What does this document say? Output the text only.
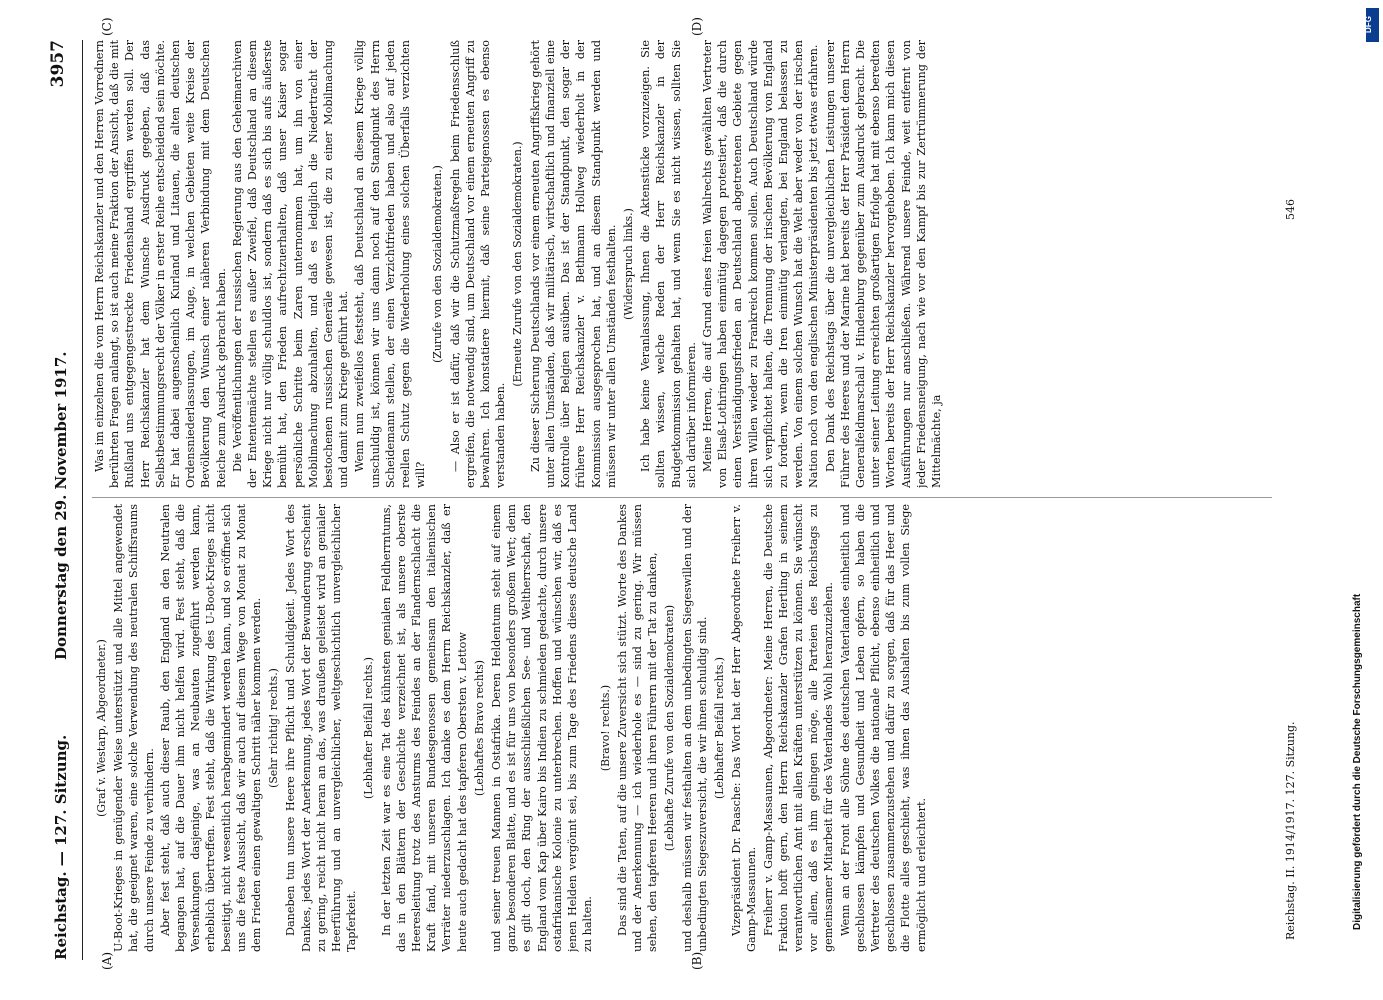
Reichstag. — 127. Sitzung.
Donnerstag den 29. November 1917.
3957
(A)	(B)
(C)	(D)

(Graf v. Westarp, Abgeordneter.) U-Boot-Krieges in genügender Weise unterstützt und alle Mittel angewendet hat, die geeignet waren, eine solche Verwendung des neutralen Schiffsraums durch unsere Feinde zu verhindern. Aber fest steht, daß auch dieser Raub, den England an den Neutralen begangen hat, auf die Dauer ihm nicht helfen wird. Fest steht, daß die Versenkungen dasjenige, was an Neubauten zugeführt werden kann, erheblich übertreffen. Fest steht, daß die Wirkung des U-Boot-Krieges nicht beseitigt, nicht wesentlich herabgemindert werden kann, und so eröffnet sich uns die feste Aussicht, daß wir auch auf diesem Wege von Monat zu Monat dem Frieden einen gewaltigen Schritt näher kommen werden. (Sehr richtig! rechts.) Daneben tun unsere Heere ihre Pflicht und Schuldigkeit. Jedes Wort des Dankes, jedes Wort der Anerkennung, jedes Wort der Bewunderung erscheint zu gering, reicht nicht heran an das, was draußen geleistet wird an genialer Heerführung und an unvergleichlicher, weltgeschichtlich unvergleichlicher Tapferkeit.

(Lebhafter Beifall rechts.) In der letzten Zeit war es eine Tat des kühnsten genialen Feldherrntums, das in den Blättern der Geschichte verzeichnet ist, als unsere oberste Heeresleitung trotz des Ansturms des Feindes an der Flandernschlacht die Kraft fand, mit unseren Bundesgenossen gemeinsam den italienischen Verräter niederzuschlagen. Ich danke es dem Herrn Reichskanzler, daß er heute auch gedacht hat des tapferen Obersten v. Lettow (Lebhaftes Bravo rechts) und seiner treuen Mannen in Ostafrika. Deren Heldentum steht auf einem ganz besonderen Blatte, und es ist für uns von besonders großem Wert; denn es gilt doch, den Ring der ausschließlichen See- und Weltherrschaft, den England vom Kap über Kairo bis Indien zu schmieden gedachte, durch unsere ostafrikanische Kolonie zu unterbrechen. Hoffen und wünschen wir, daß es jenen Helden vergönnt sei, bis zum Tage des Friedens dieses deutsche Land zu halten.

(Bravo! rechts.) Das sind die Taten, auf die unsere Zuversicht sich stützt. Worte des Dankes und der Anerkennung — ich wiederhole es — sind zu gering. Wir müssen sehen, den tapferen Heeren und ihren Führern mit der Tat zu danken, (Lebhafte Zurufe von den Sozialdemokraten) und deshalb müssen wir festhalten an dem unbedingten Siegeswillen und der unbedingten Siegeszuversicht, die wir ihnen schuldig sind. (Lebhafter Beifall rechts.) Vizepräsident Dr. Paasche: Das Wort hat der Herr Abgeordnete Freiherr v. Gamp-Massaunen. Freiherr v. Gamp-Massaunen, Abgeordneter: Meine Herren, die Deutsche Fraktion hofft gern, den Herrn Reichskanzler Grafen Hertling in seinem verantwortlichen Amt mit allen Kräften unterstützen zu können. Sie wünscht vor allem, daß es ihm gelingen möge, alle Parteien des Reichstags zu gemeinsamer Mitarbeit für des Vaterlandes Wohl heranzuziehen. Wenn an der Front alle Söhne des deutschen Vaterlandes einheitlich und geschlossen kämpfen und Gesundheit und Leben opfern, so haben die Vertreter des deutschen Volkes die nationale Pflicht, ebenso einheitlich und geschlossen zusammenzustehen und dafür zu sorgen, daß für das Heer und die Flotte alles geschieht, was ihnen das Aushalten bis zum vollen Siege ermöglicht und erleichtert.

Was im einzelnen die vom Herrn Reichskanzler und den Herren Vorrednern berührten Fragen anlangt, so ist auch meine Fraktion der Ansicht, daß die mit Rußland uns entgegengestreckte Friedenshand ergriffen werden soll. Der Herr Reichskanzler hat dem Wunsche Ausdruck gegeben, daß das Selbstbestimmungsrecht der Völker in erster Reihe entscheidend sein möchte. Er hat dabei augenscheinlich Kurland und Litauen, die alten deutschen Ordensniederlassungen, im Auge, in welchen Gebieten weite Kreise der Bevölkerung den Wunsch einer näheren Verbindung mit dem Deutschen Reiche zum Ausdruck gebracht haben. Die Veröffentlichungen der russischen Regierung aus den Geheimarchiven der Ententemächte stellen es außer Zweifel, daß Deutschland an diesem Kriege nicht nur völlig schuldlos ist, sondern daß es sich bis aufs äußerste bemüht hat, den Frieden aufrechtzuerhalten, daß unser Kaiser sogar persönliche Schritte beim Zaren unternommen hat, um ihn von einer Mobilmachung abzuhalten, und daß es lediglich die Niedertracht der bestochenen russischen Generäle gewesen ist, die zu einer Mobilmachung und damit zum Kriege geführt hat. Wenn nun zweifellos feststeht, daß Deutschland an diesem Kriege völlig unschuldig ist, können wir uns dann noch auf den Standpunkt des Herrn Scheidemann stellen, der einen Verzichtfrieden haben und also auf jeden reellen Schutz gegen die Wiederholung eines solchen Überfalls verzichten will?

(Zurufe von den Sozialdemokraten.) — Also er ist dafür, daß wir die Schutzmaßregeln beim Friedensschluß ergreifen, die notwendig sind, um Deutschland vor einem erneuten Angriff zu bewahren. Ich konstatiere hiermit, daß seine Parteigenossen es ebenso verstanden haben.

(Erneute Zurufe von den Sozialdemokraten.) Zu dieser Sicherung Deutschlands vor einem erneuten Angriffskrieg gehört unter allen Umständen, daß wir militärisch, wirtschaftlich und finanziell eine Kontrolle über Belgien ausüben. Das ist der Standpunkt, den sogar der frühere Herr Reichskanzler v. Bethmann Hollweg wiederholt in der Kommission ausgesprochen hat, und an diesem Standpunkt werden und müssen wir unter allen Umständen festhalten. (Widerspruch links.) Ich habe keine Veranlassung, Ihnen die Aktenstücke vorzuzeigen. Sie sollten wissen, welche Reden der Herr Reichskanzler in der Budgetkommission gehalten hat, und wenn Sie es nicht wissen, sollten Sie sich darüber informieren. Meine Herren, die auf Grund eines freien Wahlrechts gewählten Vertreter von Elsaß-Lothringen haben einmütig dagegen protestiert, daß die durch einen Verständigungsfrieden an Deutschland abgetretenen Gebiete gegen ihren Willen wieder zu Frankreich kommen sollen. Auch Deutschland würde sich verpflichtet halten, die Trennung der irischen Bevölkerung von England zu fordern, wenn die Iren einmütig verlangten, bei England belassen zu werden. Von einem solchen Wunsch hat die Welt aber weder von der irischen Nation noch von den englischen Ministerpräsidenten bis jetzt etwas erfahren. Den Dank des Reichstags über die unvergleichlichen Leistungen unserer Führer des Heeres und der Marine hat bereits der Herr Präsident dem Herrn Generalfeldmarschall v. Hindenburg gegenüber zum Ausdruck gebracht. Die unter seiner Leitung erreichten großartigen Erfolge hat mit ebenso beredten Worten bereits der Herr Reichskanzler hervorgehoben. Ich kann mich diesen Ausführungen nur anschließen. Während unsere Feinde, weit entfernt von jeder Friedensneigung, nach wie vor den Kampf bis zur Zertrümmerung der Mittelmächte, ja

Reichstag. II. 1914/1917. 127. Sitzung.
546
DFG
Digitalisierung gefördert durch die Deutsche Forschungsgemeinschaft
